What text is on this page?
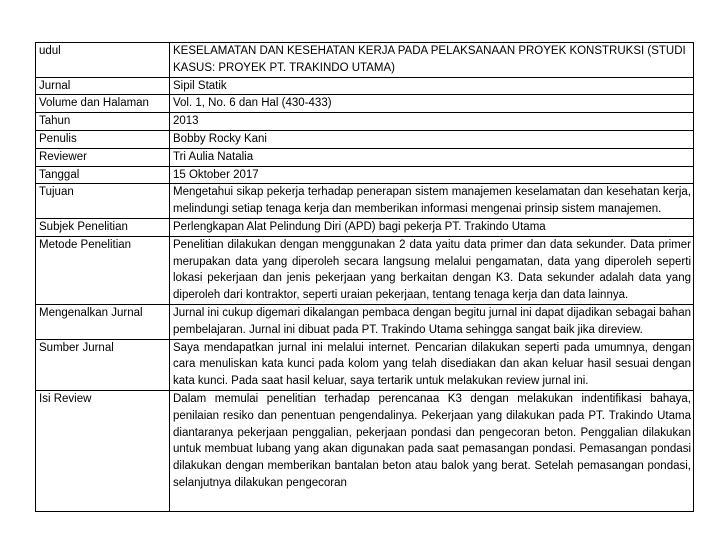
udul	KESELAMATAN DAN KESEHATAN KERJA PADA PELAKSANAAN PROYEK KONSTRUKSI (STUDI KASUS: PROYEK PT. TRAKINDO UTAMA)
Jurnal	Sipil Statik
Volume dan Halaman	Vol. 1, No. 6 dan Hal (430-433)
Tahun	2013
Penulis	Bobby Rocky Kani
Reviewer	Tri Aulia Natalia
Tanggal	15 Oktober 2017
Tujuan	Mengetahui sikap pekerja terhadap penerapan sistem manajemen keselamatan dan kesehatan kerja, melindungi setiap tenaga kerja dan memberikan informasi mengenai prinsip sistem manajemen.
Subjek Penelitian	Perlengkapan Alat Pelindung Diri (APD) bagi pekerja PT. Trakindo Utama
Metode Penelitian	Penelitian dilakukan dengan menggunakan 2 data yaitu data primer dan data sekunder. Data primer merupakan data yang diperoleh secara langsung melalui pengamatan, data yang diperoleh seperti lokasi pekerjaan dan jenis pekerjaan yang berkaitan dengan K3. Data sekunder adalah data yang diperoleh dari kontraktor, seperti uraian pekerjaan, tentang tenaga kerja dan data lainnya.
Mengenalkan Jurnal	Jurnal ini cukup digemari dikalangan pembaca dengan begitu jurnal ini dapat dijadikan sebagai bahan pembelajaran. Jurnal ini dibuat pada PT. Trakindo Utama sehingga sangat baik jika direview.
Sumber Jurnal	Saya mendapatkan jurnal ini melalui internet. Pencarian dilakukan seperti pada umumnya, dengan cara menuliskan kata kunci pada kolom yang telah disediakan dan akan keluar hasil sesuai dengan kata kunci. Pada saat hasil keluar, saya tertarik untuk melakukan review jurnal ini.
Isi Review	Dalam memulai penelitian terhadap perencanaa K3 dengan melakukan indentifikasi bahaya, penilaian resiko dan penentuan pengendalinya. Pekerjaan yang dilakukan pada PT. Trakindo Utama diantaranya pekerjaan penggalian, pekerjaan pondasi dan pengecoran beton. Penggalian dilakukan untuk membuat lubang yang akan digunakan pada saat pemasangan pondasi. Pemasangan pondasi dilakukan dengan memberikan bantalan beton atau balok yang berat. Setelah pemasangan pondasi, selanjutnya dilakukan pengecoran
